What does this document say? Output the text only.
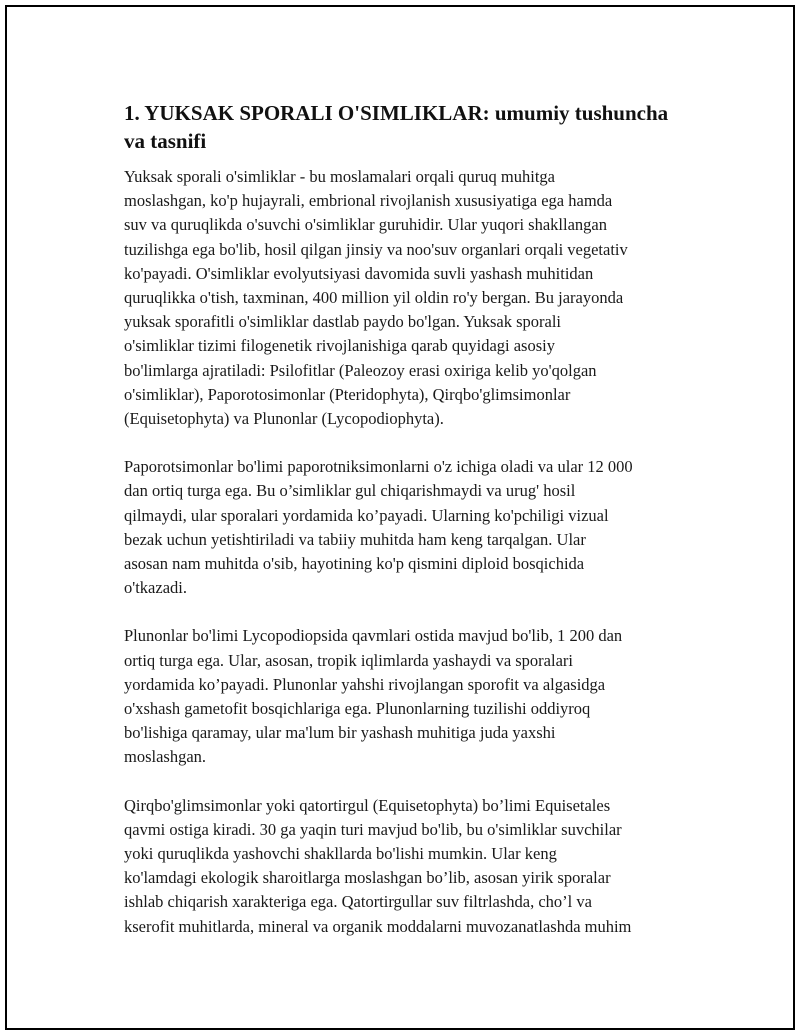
1. YUKSAK SPORALI O'SIMLIKLAR: umumiy tushuncha
va tasnifi

Yuksak sporali o'simliklar - bu moslamalari orqali quruq muhitga
moslashgan, ko'p hujayrali, embrional rivojlanish xususiyatiga ega hamda
suv va quruqlikda o'suvchi o'simliklar guruhidir. Ular yuqori shakllangan
tuzilishga ega bo'lib, hosil qilgan jinsiy va noo'suv organlari orqali vegetativ
ko'payadi. O'simliklar evolyutsiyasi davomida suvli yashash muhitidan
quruqlikka o'tish, taxminan, 400 million yil oldin ro'y bergan. Bu jarayonda
yuksak sporafitli o'simliklar dastlab paydo bo'lgan. Yuksak sporali
o'simliklar tizimi filogenetik rivojlanishiga qarab quyidagi asosiy
bo'limlarga ajratiladi: Psilofitlar (Paleozoy erasi oxiriga kelib yo'qolgan
o'simliklar), Paporotosimonlar (Pteridophyta), Qirqbo'glimsimonlar
(Equisetophyta) va Plunonlar (Lycopodiophyta).

Paporotsimonlar bo'limi paporotniksimonlarni o'z ichiga oladi va ular 12 000
dan ortiq turga ega. Bu o’simliklar gul chiqarishmaydi va urug' hosil
qilmaydi, ular sporalari yordamida ko’payadi. Ularning ko'pchiligi vizual
bezak uchun yetishtiriladi va tabiiy muhitda ham keng tarqalgan. Ular
asosan nam muhitda o'sib, hayotining ko'p qismini diploid bosqichida
o'tkazadi.

Plunonlar bo'limi Lycopodiopsida qavmlari ostida mavjud bo'lib, 1 200 dan
ortiq turga ega. Ular, asosan, tropik iqlimlarda yashaydi va sporalari
yordamida ko’payadi. Plunonlar yahshi rivojlangan sporofit va algasidga
o'xshash gametofit bosqichlariga ega. Plunonlarning tuzilishi oddiyroq
bo'lishiga qaramay, ular ma'lum bir yashash muhitiga juda yaxshi
moslashgan.

Qirqbo'glimsimonlar yoki qatortirgul (Equisetophyta) bo’limi Equisetales
qavmi ostiga kiradi. 30 ga yaqin turi mavjud bo'lib, bu o'simliklar suvchilar
yoki quruqlikda yashovchi shakllarda bo'lishi mumkin. Ular keng
ko'lamdagi ekologik sharoitlarga moslashgan bo’lib, asosan yirik sporalar
ishlab chiqarish xarakteriga ega. Qatortirgullar suv filtrlashda, cho’l va
kserofit muhitlarda, mineral va organik moddalarni muvozanatlashda muhim
